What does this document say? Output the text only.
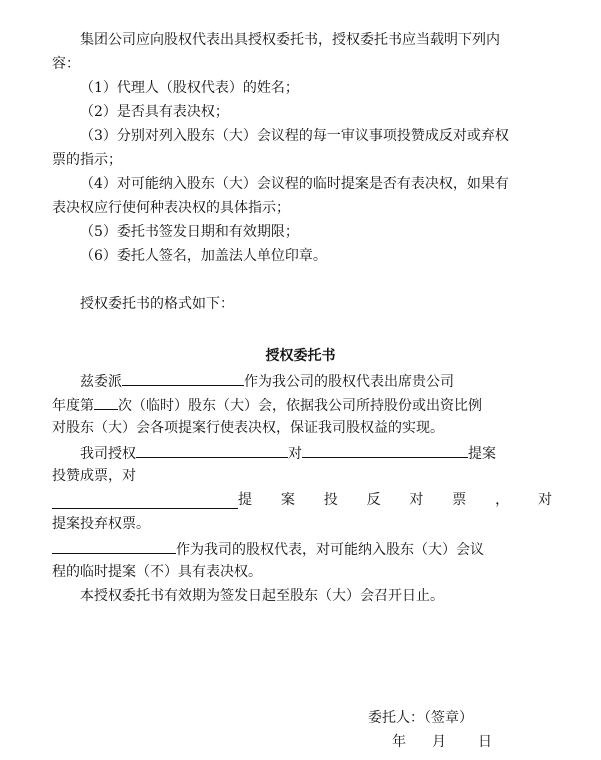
集团公司应向股权代表出具授权委托书，授权委托书应当载明下列内

容：

（1）代理人（股权代表）的姓名；

（2）是否具有表决权；

（3）分别对列入股东（大）会议程的每一审议事项投赞成反对或弃权

票的指示；

（4）对可能纳入股东（大）会议程的临时提案是否有表决权，如果有

表决权应行使何种表决权的具体指示；

（5）委托书签发日期和有效期限；

（6）委托人签名，加盖法人单位印章。

授权委托书的格式如下：

授权委托书

兹委派	作为我公司的股权代表出席贵公司

年度第 次（临时）股东（大）会，依据我公司所持股份或出资比例

对股东（大）会各项提案行使表决权，保证我司股权益的实现。

我司授权	对	提案

投赞成票，对

提案投反对票，对

提案投弃权票。

作为我司的股权代表，对可能纳入股东（大）会议

程的临时提案（不）具有表决权。

本授权委托书有效期为签发日起至股东（大）会召开日止。

委托人：（签章）

年 月 日
